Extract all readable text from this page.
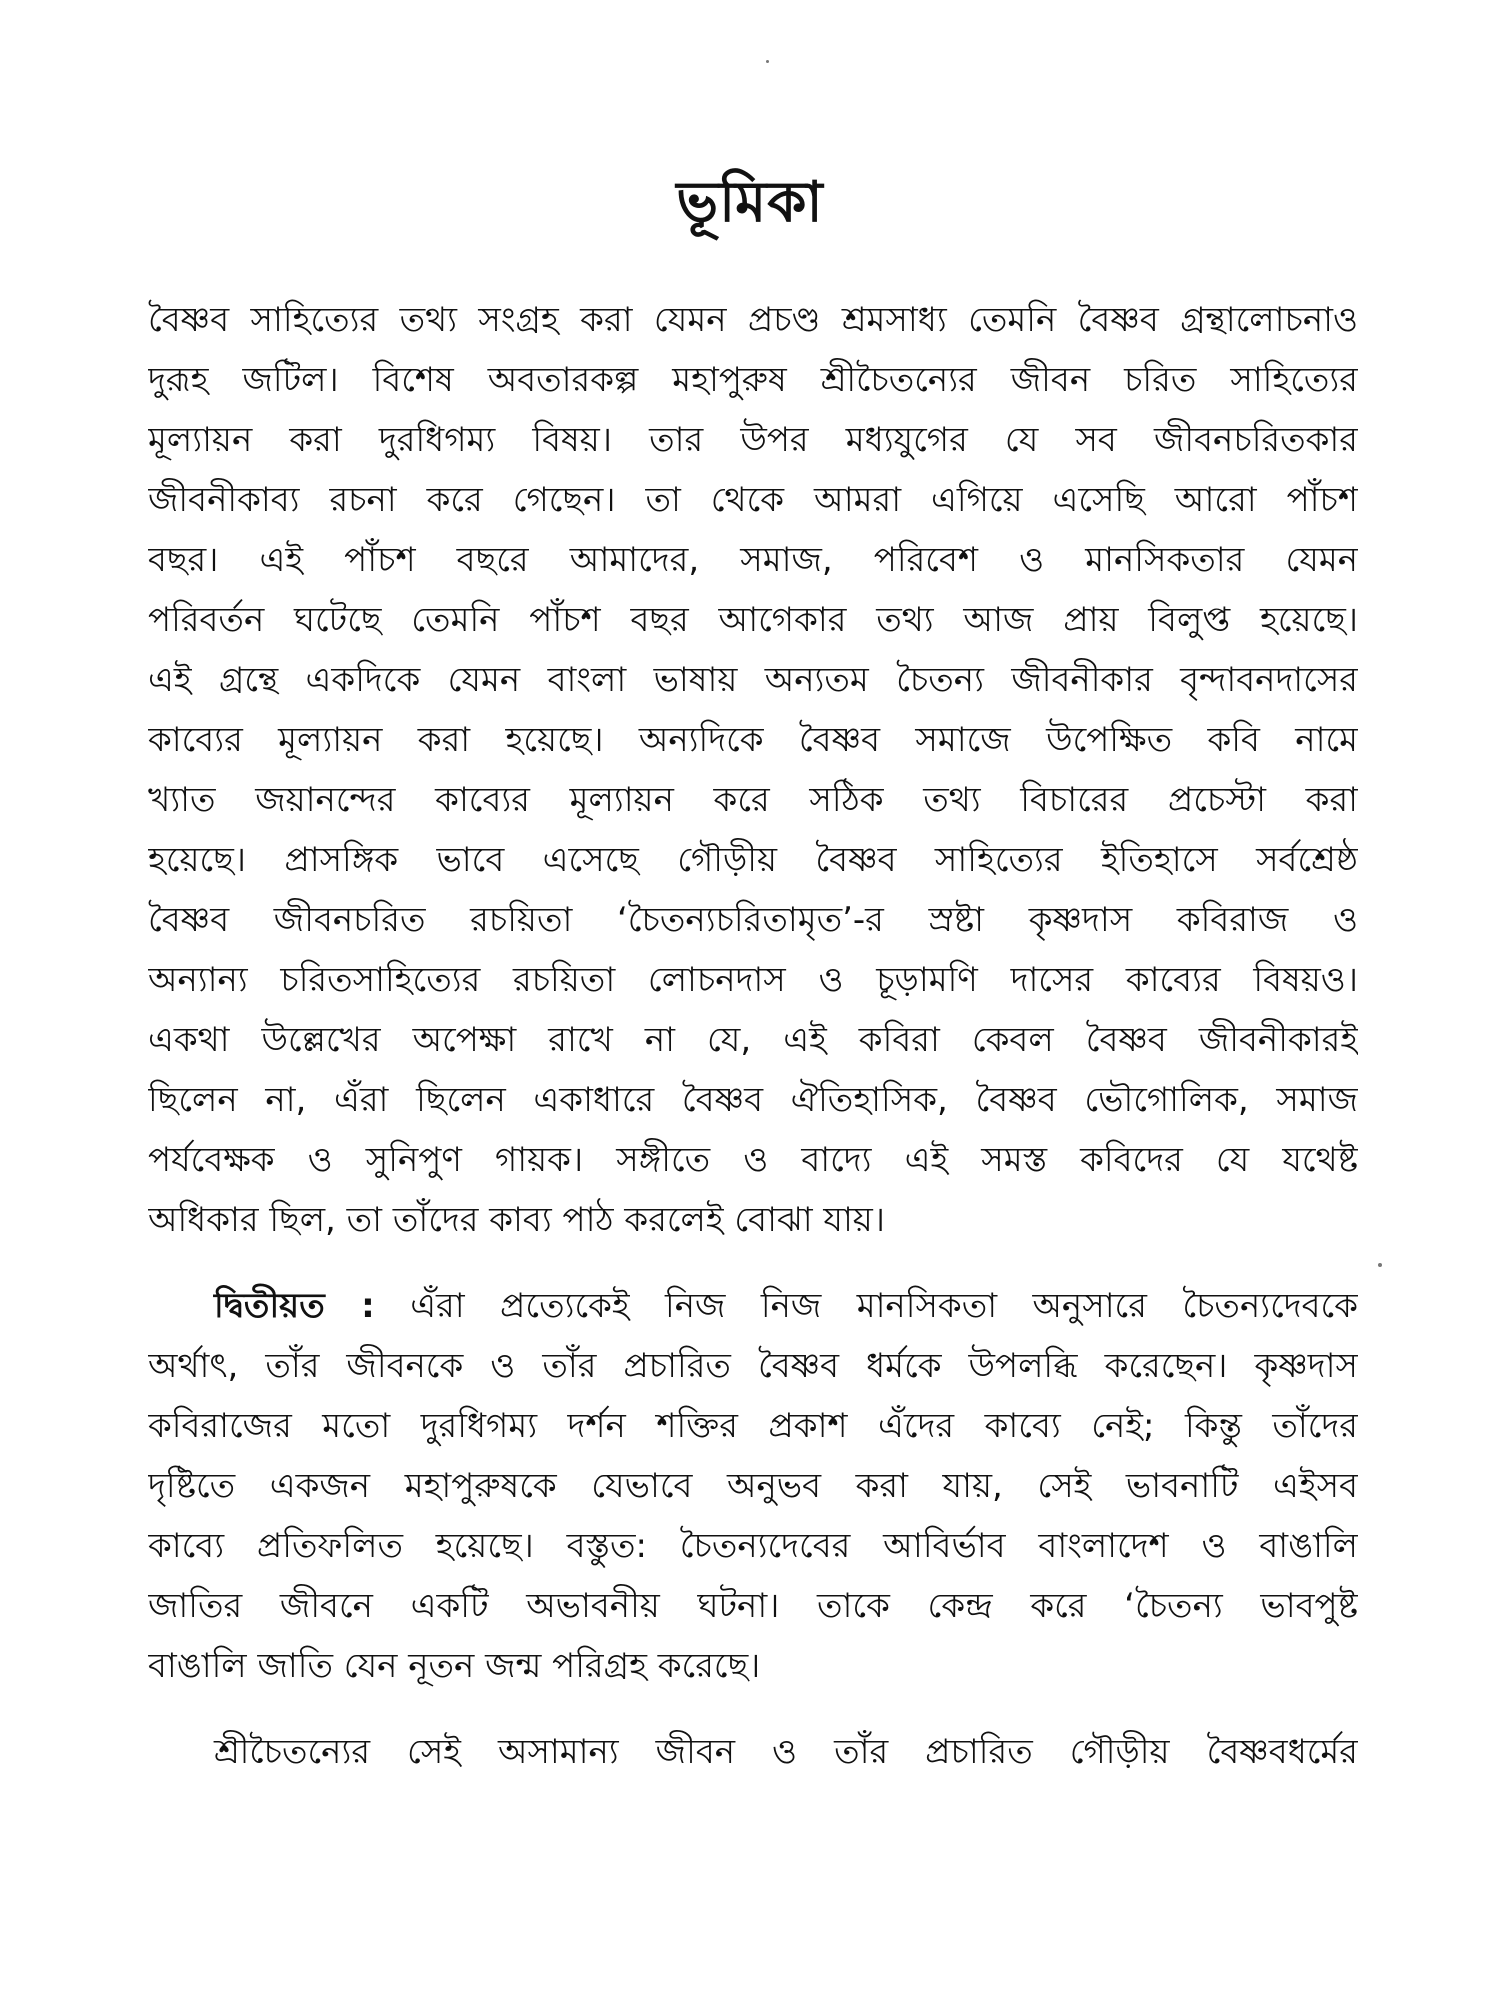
ভূমিকা
বৈষ্ণব সাহিত্যের তথ্য সংগ্রহ করা যেমন প্রচণ্ড শ্রমসাধ্য তেমনি বৈষ্ণব গ্রন্থালোচনাও
দুরূহ জটিল। বিশেষ অবতারকল্প মহাপুরুষ শ্রীচৈতন্যের জীবন চরিত সাহিত্যের
মূল্যায়ন করা দুরধিগম্য বিষয়। তার উপর মধ্যযুগের যে সব জীবনচরিতকার
জীবনীকাব্য রচনা করে গেছেন। তা থেকে আমরা এগিয়ে এসেছি আরো পাঁচশ
বছর। এই পাঁচশ বছরে আমাদের, সমাজ, পরিবেশ ও মানসিকতার যেমন
পরিবর্তন ঘটেছে তেমনি পাঁচশ বছর আগেকার তথ্য আজ প্রায় বিলুপ্ত হয়েছে।
এই গ্রন্থে একদিকে যেমন বাংলা ভাষায় অন্যতম চৈতন্য জীবনীকার বৃন্দাবনদাসের
কাব্যের মূল্যায়ন করা হয়েছে। অন্যদিকে বৈষ্ণব সমাজে উপেক্ষিত কবি নামে
খ্যাত জয়ানন্দের কাব্যের মূল্যায়ন করে সঠিক তথ্য বিচারের প্রচেস্টা করা
হয়েছে। প্রাসঙ্গিক ভাবে এসেছে গৌড়ীয় বৈষ্ণব সাহিত্যের ইতিহাসে সর্বশ্রেষ্ঠ
বৈষ্ণব জীবনচরিত রচয়িতা ‘চৈতন্যচরিতামৃত’-র স্রষ্টা কৃষ্ণদাস কবিরাজ ও
অন্যান্য চরিতসাহিত্যের রচয়িতা লোচনদাস ও চূড়ামণি দাসের কাব্যের বিষয়ও।
একথা উল্লেখের অপেক্ষা রাখে না যে, এই কবিরা কেবল বৈষ্ণব জীবনীকারই
ছিলেন না, এঁরা ছিলেন একাধারে বৈষ্ণব ঐতিহাসিক, বৈষ্ণব ভৌগোলিক, সমাজ
পর্যবেক্ষক ও সুনিপুণ গায়ক। সঙ্গীতে ও বাদ্যে এই সমস্ত কবিদের যে যথেষ্ট
অধিকার ছিল, তা তাঁদের কাব্য পাঠ করলেই বোঝা যায়।
দ্বিতীয়ত : এঁরা প্রত্যেকেই নিজ নিজ মানসিকতা অনুসারে চৈতন্যদেবকে
অর্থাৎ, তাঁর জীবনকে ও তাঁর প্রচারিত বৈষ্ণব ধর্মকে উপলব্ধি করেছেন। কৃষ্ণদাস
কবিরাজের মতো দুরধিগম্য দর্শন শক্তির প্রকাশ এঁদের কাব্যে নেই; কিন্তু তাঁদের
দৃষ্টিতে একজন মহাপুরুষকে যেভাবে অনুভব করা যায়, সেই ভাবনাটি এইসব
কাব্যে প্রতিফলিত হয়েছে। বস্তুত: চৈতন্যদেবের আবির্ভাব বাংলাদেশ ও বাঙালি
জাতির জীবনে একটি অভাবনীয় ঘটনা। তাকে কেন্দ্র করে ‘চৈতন্য ভাবপুষ্ট
বাঙালি জাতি যেন নূতন জন্ম পরিগ্রহ করেছে।
শ্রীচৈতন্যের সেই অসামান্য জীবন ও তাঁর প্রচারিত গৌড়ীয় বৈষ্ণবধর্মের
